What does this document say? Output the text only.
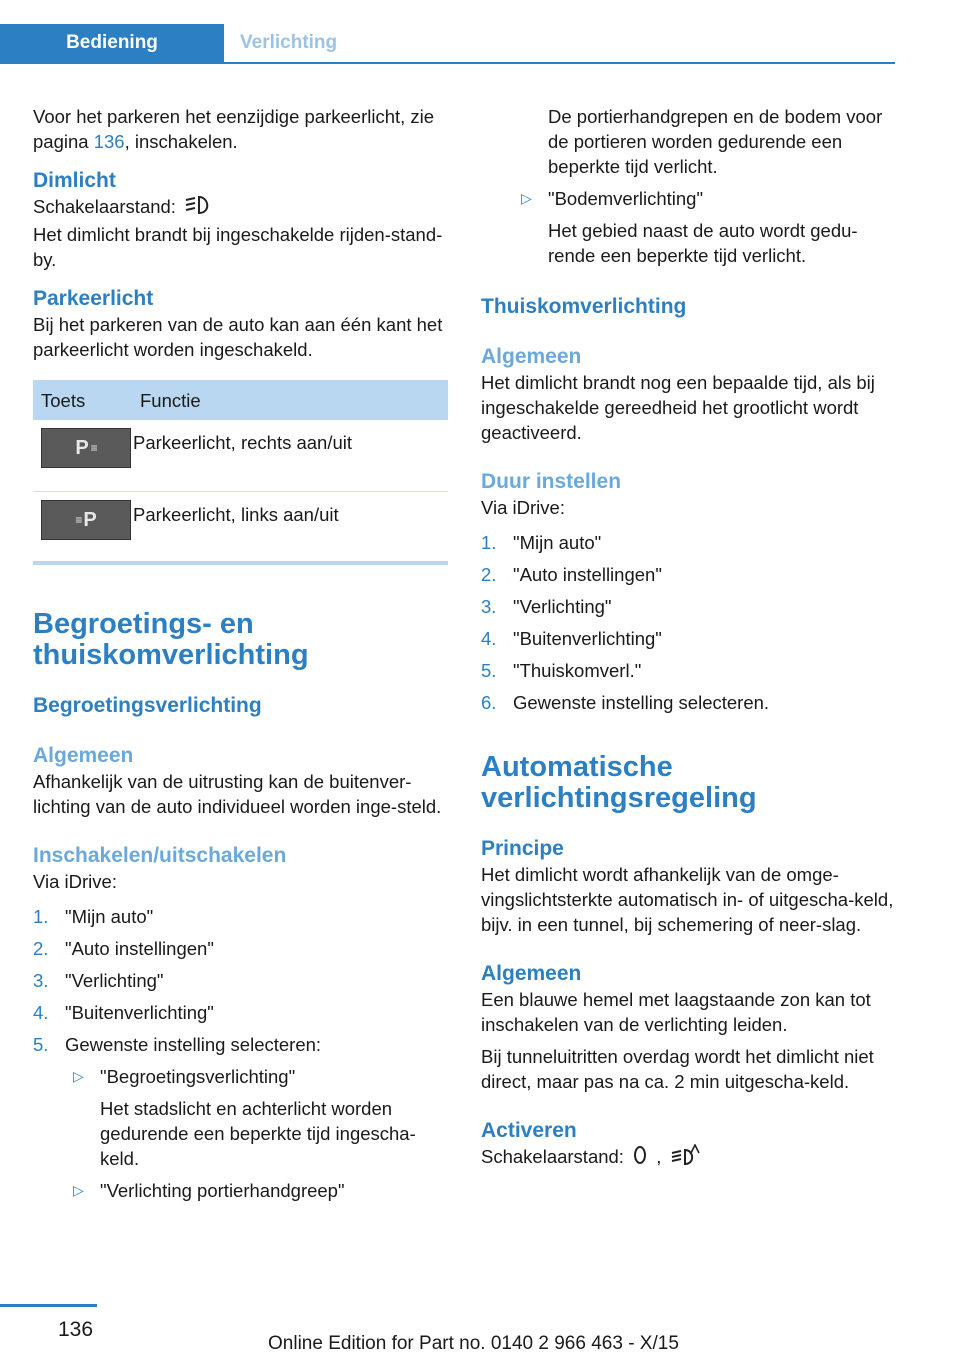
Bediening	Verlichting

Voor het parkeren het eenzijdige parkeerlicht, zie pagina 136, inschakelen.

Dimlicht

Schakelaarstand:

Het dimlicht brandt bij ingeschakelde rijden-stand-by.

Parkeerlicht

Bij het parkeren van de auto kan aan één kant het parkeerlicht worden ingeschakeld.

Toets	Functie

P ≡	Parkeerlicht, rechts aan/uit

≡ P	Parkeerlicht, links aan/uit
Begroetings- en thuiskomverlichting
Begroetingsverlichting
Algemeen

Afhankelijk van de uitrusting kan de buitenver-lichting van de auto individueel worden inge-steld.

Inschakelen/uitschakelen

Via iDrive:

1. "Mijn auto"
2. "Auto instellingen"
3. "Verlichting"
4. "Buitenverlichting"
5. Gewenste instelling selecteren:
▷ "Begroetingsverlichting"

Het stadslicht en achterlicht worden gedurende een beperkte tijd ingescha-keld.

▷ "Verlichting portierhandgreep"

De portierhandgrepen en de bodem voor de portieren worden gedurende een beperkte tijd verlicht.

▷ "Bodemverlichting"

Het gebied naast de auto wordt gedu-rende een beperkte tijd verlicht.

Thuiskomverlichting
Algemeen

Het dimlicht brandt nog een bepaalde tijd, als bij ingeschakelde gereedheid het grootlicht wordt geactiveerd.

Duur instellen

Via iDrive:

1. "Mijn auto"
2. "Auto instellingen"
3. "Verlichting"
4. "Buitenverlichting"
5. "Thuiskomverl."
6. Gewenste instelling selecteren.
Automatische verlichtingsregeling
Principe

Het dimlicht wordt afhankelijk van de omge-vingslichtsterkte automatisch in- of uitgescha-keld, bijv. in een tunnel, bij schemering of neer-slag.

Algemeen

Een blauwe hemel met laagstaande zon kan tot inschakelen van de verlichting leiden.

Bij tunneluitritten overdag wordt het dimlicht niet direct, maar pas na ca. 2 min uitgescha-keld.

Activeren

Schakelaarstand: ,

136
Online Edition for Part no. 0140 2 966 463 - X/15
